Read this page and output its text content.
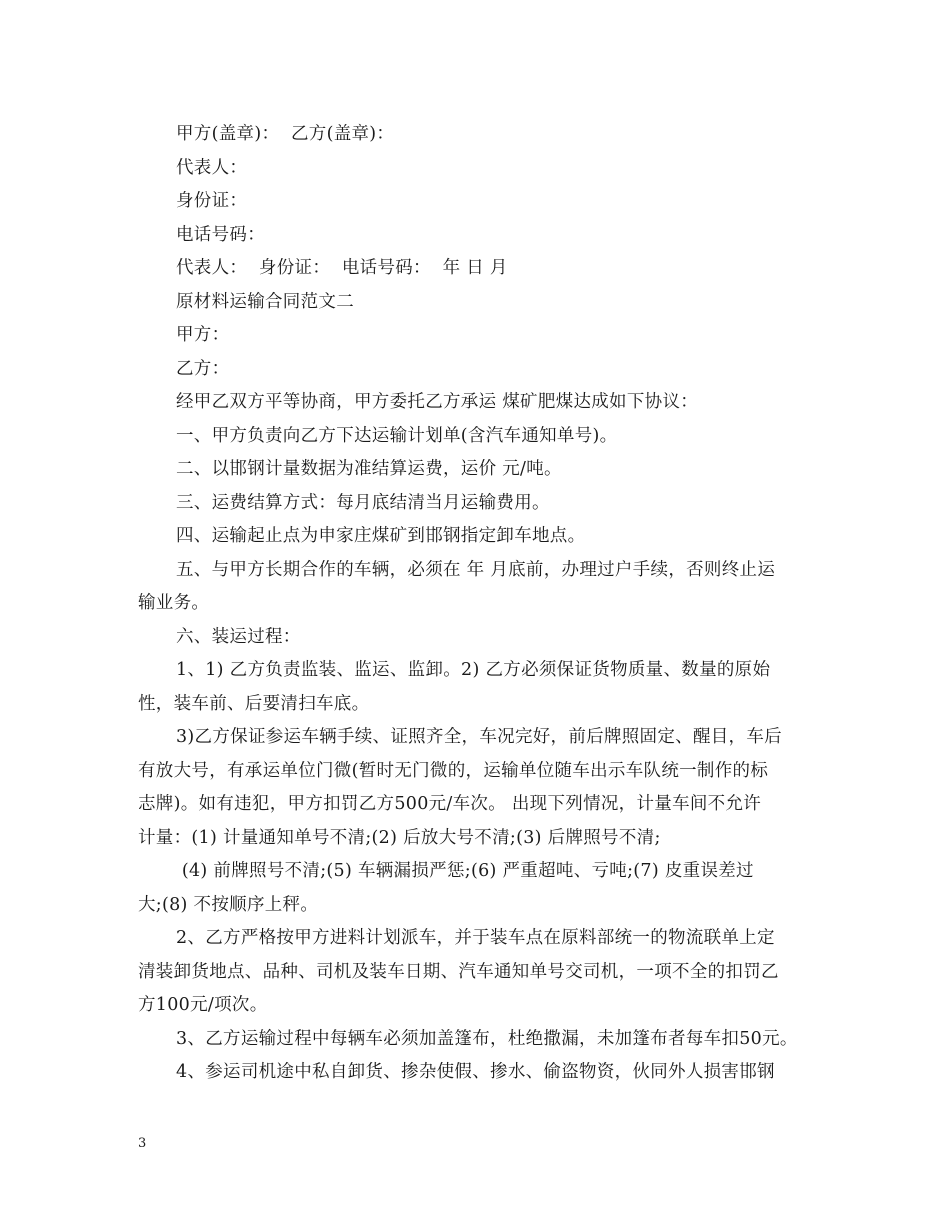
甲方(盖章)：  乙方(盖章)：
代表人：
身份证：
电话号码：
代表人：  身份证：  电话号码：  年 日 月
原材料运输合同范文二
甲方：
乙方：
经甲乙双方平等协商，甲方委托乙方承运 煤矿肥煤达成如下协议：
一、甲方负责向乙方下达运输计划单(含汽车通知单号)。
二、以邯钢计量数据为准结算运费，运价 元/吨。
三、运费结算方式：每月底结清当月运输费用。
四、运输起止点为申家庄煤矿到邯钢指定卸车地点。
五、与甲方长期合作的车辆，必须在 年 月底前，办理过户手续，否则终止运
输业务。
六、装运过程：
1、1) 乙方负责监装、监运、监卸。2) 乙方必须保证货物质量、数量的原始
性，装车前、后要清扫车底。
3)乙方保证参运车辆手续、证照齐全，车况完好，前后牌照固定、醒目，车后
有放大号，有承运单位门微(暂时无门微的，运输单位随车出示车队统一制作的标
志牌)。如有违犯，甲方扣罚乙方500元/车次。 出现下列情况，计量车间不允许
计量：(1) 计量通知单号不清;(2) 后放大号不清;(3) 后牌照号不清;
(4) 前牌照号不清;(5) 车辆漏损严惩;(6) 严重超吨、亏吨;(7) 皮重误差过
大;(8) 不按顺序上秤。
2、乙方严格按甲方进料计划派车，并于装车点在原料部统一的物流联单上定
清装卸货地点、品种、司机及装车日期、汽车通知单号交司机，一项不全的扣罚乙
方100元/项次。
3、乙方运输过程中每辆车必须加盖篷布，杜绝撒漏，未加篷布者每车扣50元。
4、参运司机途中私自卸货、掺杂使假、掺水、偷盗物资，伙同外人损害邯钢
3
